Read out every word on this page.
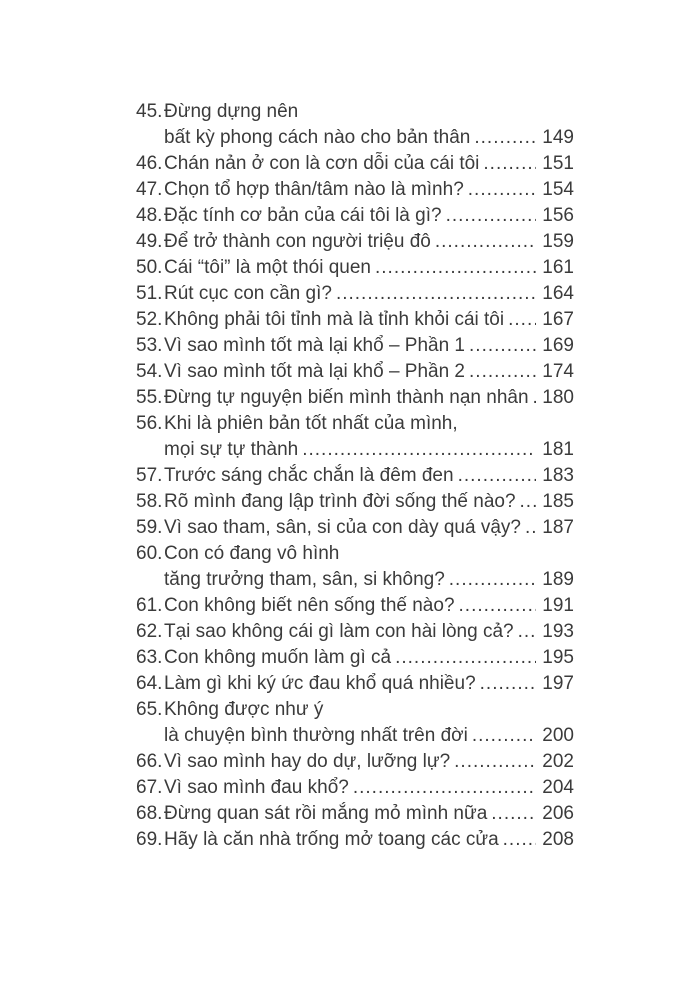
45. Đừng dựng nên
bất kỳ phong cách nào cho bản thân .....	149
46. Chán nản ở con là cơn dỗi của cái tôi .....	151
47. Chọn tổ hợp thân/tâm nào là mình? .....	154
48. Đặc tính cơ bản của cái tôi là gì? .....	156
49. Để trở thành con người triệu đô .....	159
50. Cái “tôi” là một thói quen .....	161
51. Rút cục con cần gì? .....	164
52. Không phải tôi tỉnh mà là tỉnh khỏi cái tôi ..... 167
53. Vì sao mình tốt mà lại khổ – Phần 1 .....	169
54. Vì sao mình tốt mà lại khổ – Phần 2 .....	174
55. Đừng tự nguyện biến mình thành nạn nhân ..... 180
56. Khi là phiên bản tốt nhất của mình,
mọi sự tự thành .....	181
57. Trước sáng chắc chắn là đêm đen .....	183
58. Rõ mình đang lập trình đời sống thế nào? ..... 185
59. Vì sao tham, sân, si của con dày quá vậy? ..... 187
60. Con có đang vô hình
tăng trưởng tham, sân, si không? .....	189
61. Con không biết nên sống thế nào? .....	191
62. Tại sao không cái gì làm con hài lòng cả? ..... 193
63. Con không muốn làm gì cả .....	195
64. Làm gì khi ký ức đau khổ quá nhiều? .....	197
65. Không được như ý
là chuyện bình thường nhất trên đời .....	200
66. Vì sao mình hay do dự, lưỡng lự? .....	202
67. Vì sao mình đau khổ? .....	204
68. Đừng quan sát rồi mắng mỏ mình nữa .....	206
69. Hãy là căn nhà trống mở toang các cửa ..... 208
